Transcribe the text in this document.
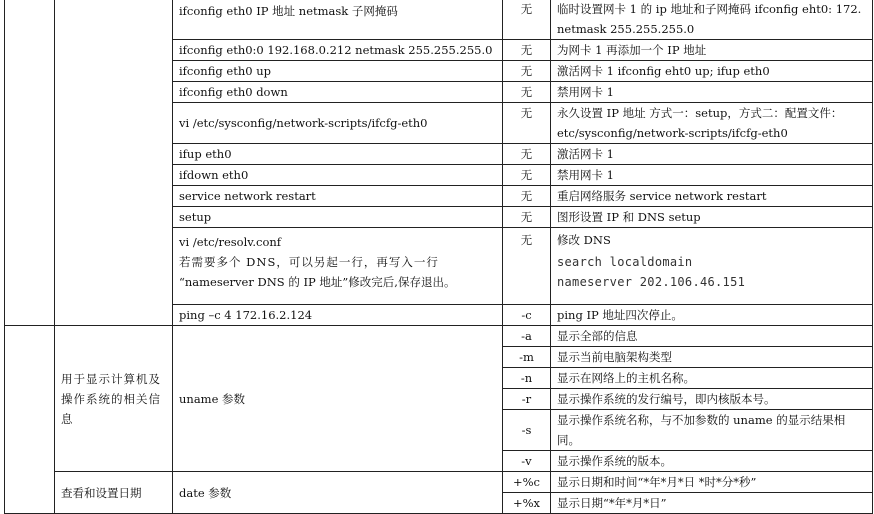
		ifconfig eth0 IP 地址 netmask 子网掩码	无	临时设置网卡 1 的 ip 地址和子网掩码 ifconfig eht0: 172. netmask 255.255.255.0
		ifconfig eth0:0 192.168.0.212 netmask 255.255.255.0	无	为网卡 1 再添加一个 IP 地址
		ifconfig eth0 up	无	激活网卡 1 ifconfig eht0 up; ifup eth0
		ifconfig eth0 down	无	禁用网卡 1
		vi /etc/sysconfig/network-scripts/ifcfg-eth0	无	永久设置 IP 地址 方式一：setup，方式二：配置文件：
etc/sysconfig/network-scripts/ifcfg-eth0

		ifup eth0	无	激活网卡 1
		ifdown eth0	无	禁用网卡 1
		service network restart	无	重启网络服务 service network restart
		setup	无	图形设置 IP 和 DNS setup

		vi /etc/resolv.conf
若需要多个 DNS，可以另起一行，再写入一行
“nameserver DNS 的 IP 地址”修改完后,保存退出。	无	修改 DNS
search localdomain
nameserver 202.106.46.151

		ping –c 4 172.16.2.124	-c	ping IP 地址四次停止。
	用于显示计算机及操作系统的相关信息	uname 参数	-a	显示全部的信息
			-m	显示当前电脑架构类型
			-n	显示在网络上的主机名称。
			-r	显示操作系统的发行编号，即内核版本号。
			-s	显示操作系统名称，与不加参数的 uname 的显示结果相同。
			-v	显示操作系统的版本。
	查看和设置日期	date 参数	+%c	显示日期和时间“*年*月*日 *时*分*秒”
			+%x	显示日期“*年*月*日”
